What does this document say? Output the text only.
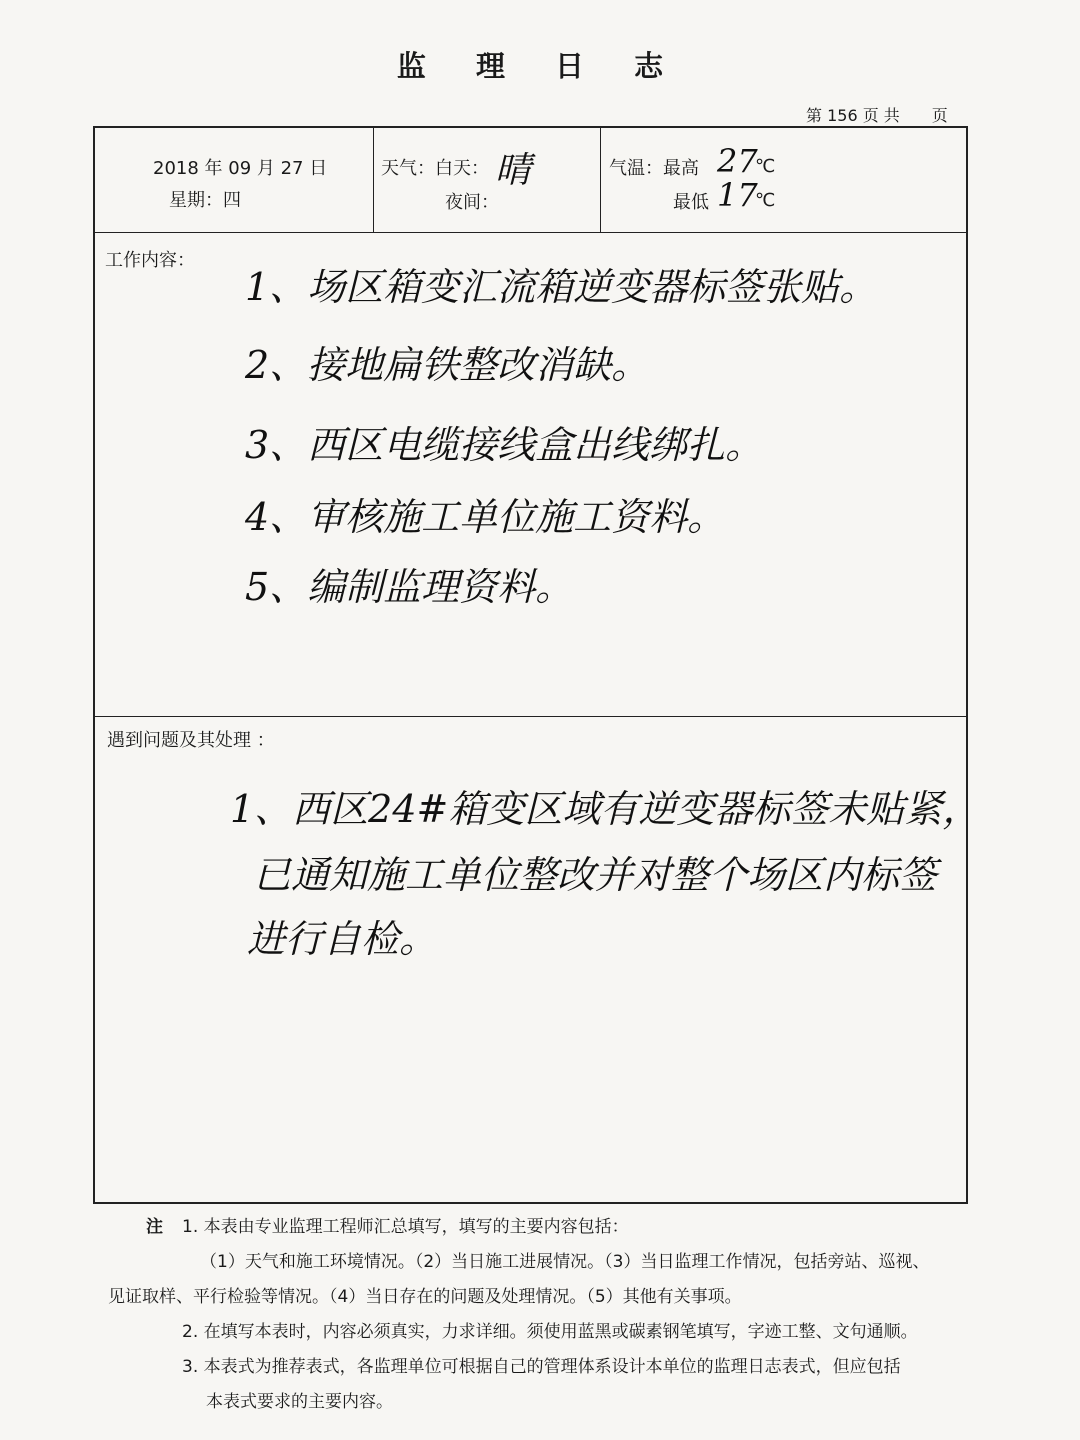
监 理 日 志
第 156 页 共　　页
2018 年 09 月 27 日
星期：四
天气：白天： 晴
夜间：
气温：最高 27
℃
最低 17
℃
工作内容：
1、场区箱变汇流箱逆变器标签张贴。
2、接地扁铁整改消缺。
3、西区电缆接线盒出线绑扎。
4、审核施工单位施工资料。
5、编制监理资料。
遇到问题及其处理 ：
1、西区24#箱变区域有逆变器标签未贴紧，
已通知施工单位整改并对整个场区内标签
进行自检。
注 1. 本表由专业监理工程师汇总填写，填写的主要内容包括：
（1）天气和施工环境情况。（2）当日施工进展情况。（3）当日监理工作情况，包括旁站、巡视、
见证取样、平行检验等情况。（4）当日存在的问题及处理情况。（5）其他有关事项。
2. 在填写本表时，内容必须真实，力求详细。须使用蓝黑或碳素钢笔填写，字迹工整、文句通顺。
3. 本表式为推荐表式，各监理单位可根据自己的管理体系设计本单位的监理日志表式，但应包括
本表式要求的主要内容。
